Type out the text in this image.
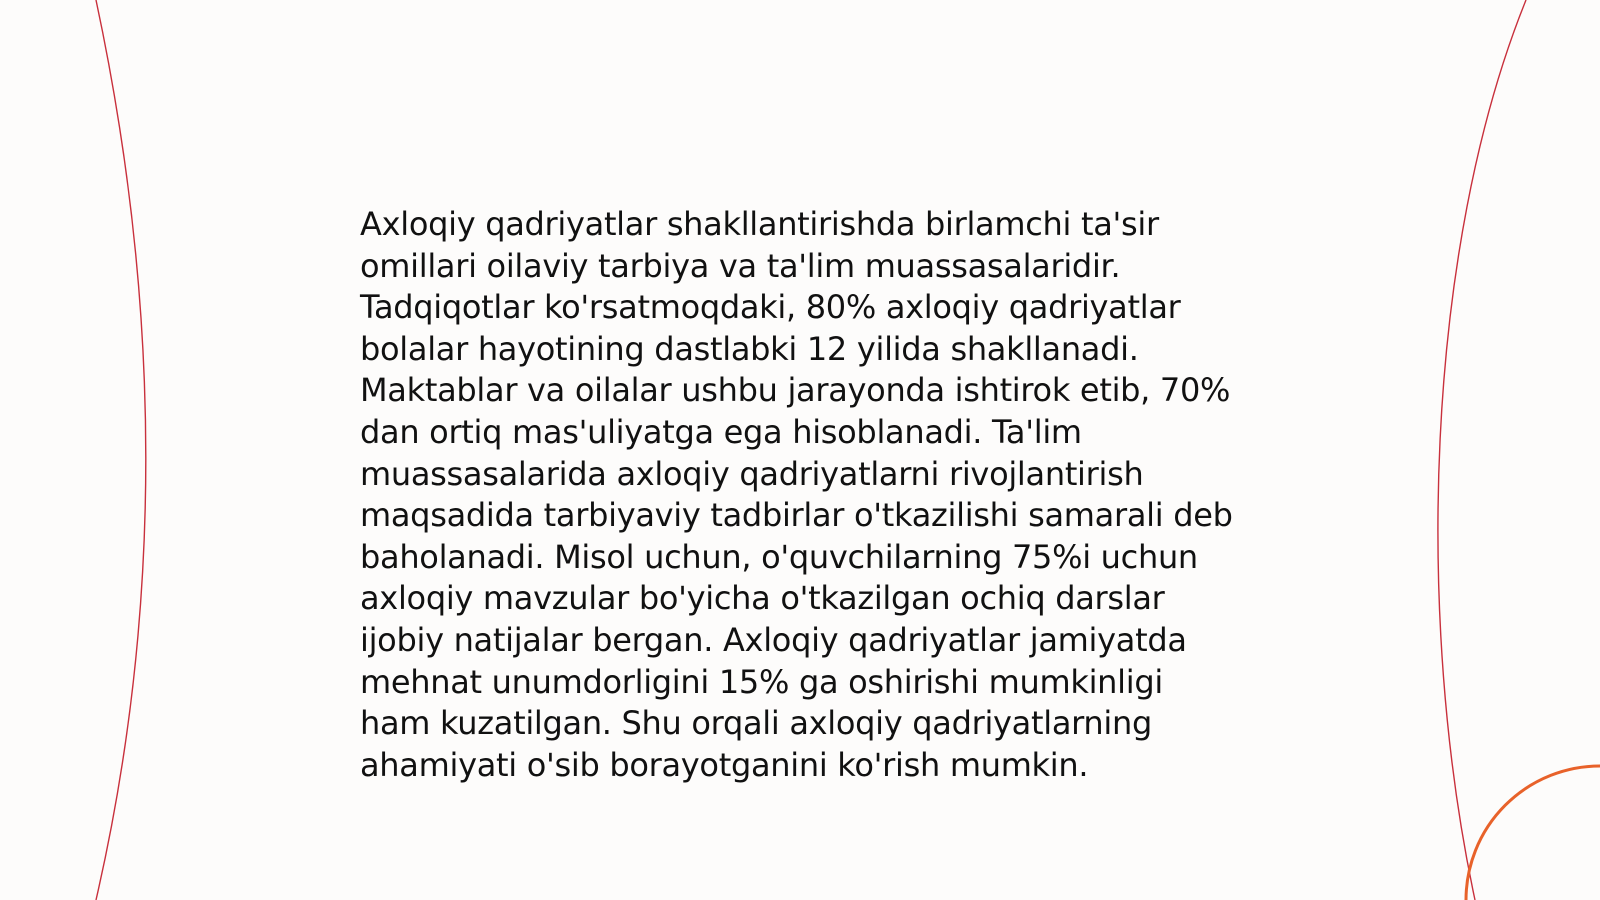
Axloqiy qadriyatlar shakllantirishda birlamchi ta'sir omillari oilaviy tarbiya va ta'lim muassasalaridir. Tadqiqotlar ko'rsatmoqdaki, 80% axloqiy qadriyatlar bolalar hayotining dastlabki 12 yilida shakllanadi. Maktablar va oilalar ushbu jarayonda ishtirok etib, 70% dan ortiq mas'uliyatga ega hisoblanadi. Ta'lim muassasalarida axloqiy qadriyatlarni rivojlantirish maqsadida tarbiyaviy tadbirlar o'tkazilishi samarali deb baholanadi. Misol uchun, o'quvchilarning 75%i uchun axloqiy mavzular bo'yicha o'tkazilgan ochiq darslar ijobiy natijalar bergan. Axloqiy qadriyatlar jamiyatda mehnat unumdorligini 15% ga oshirishi mumkinligi ham kuzatilgan. Shu orqali axloqiy qadriyatlarning ahamiyati o'sib borayotganini ko'rish mumkin.
